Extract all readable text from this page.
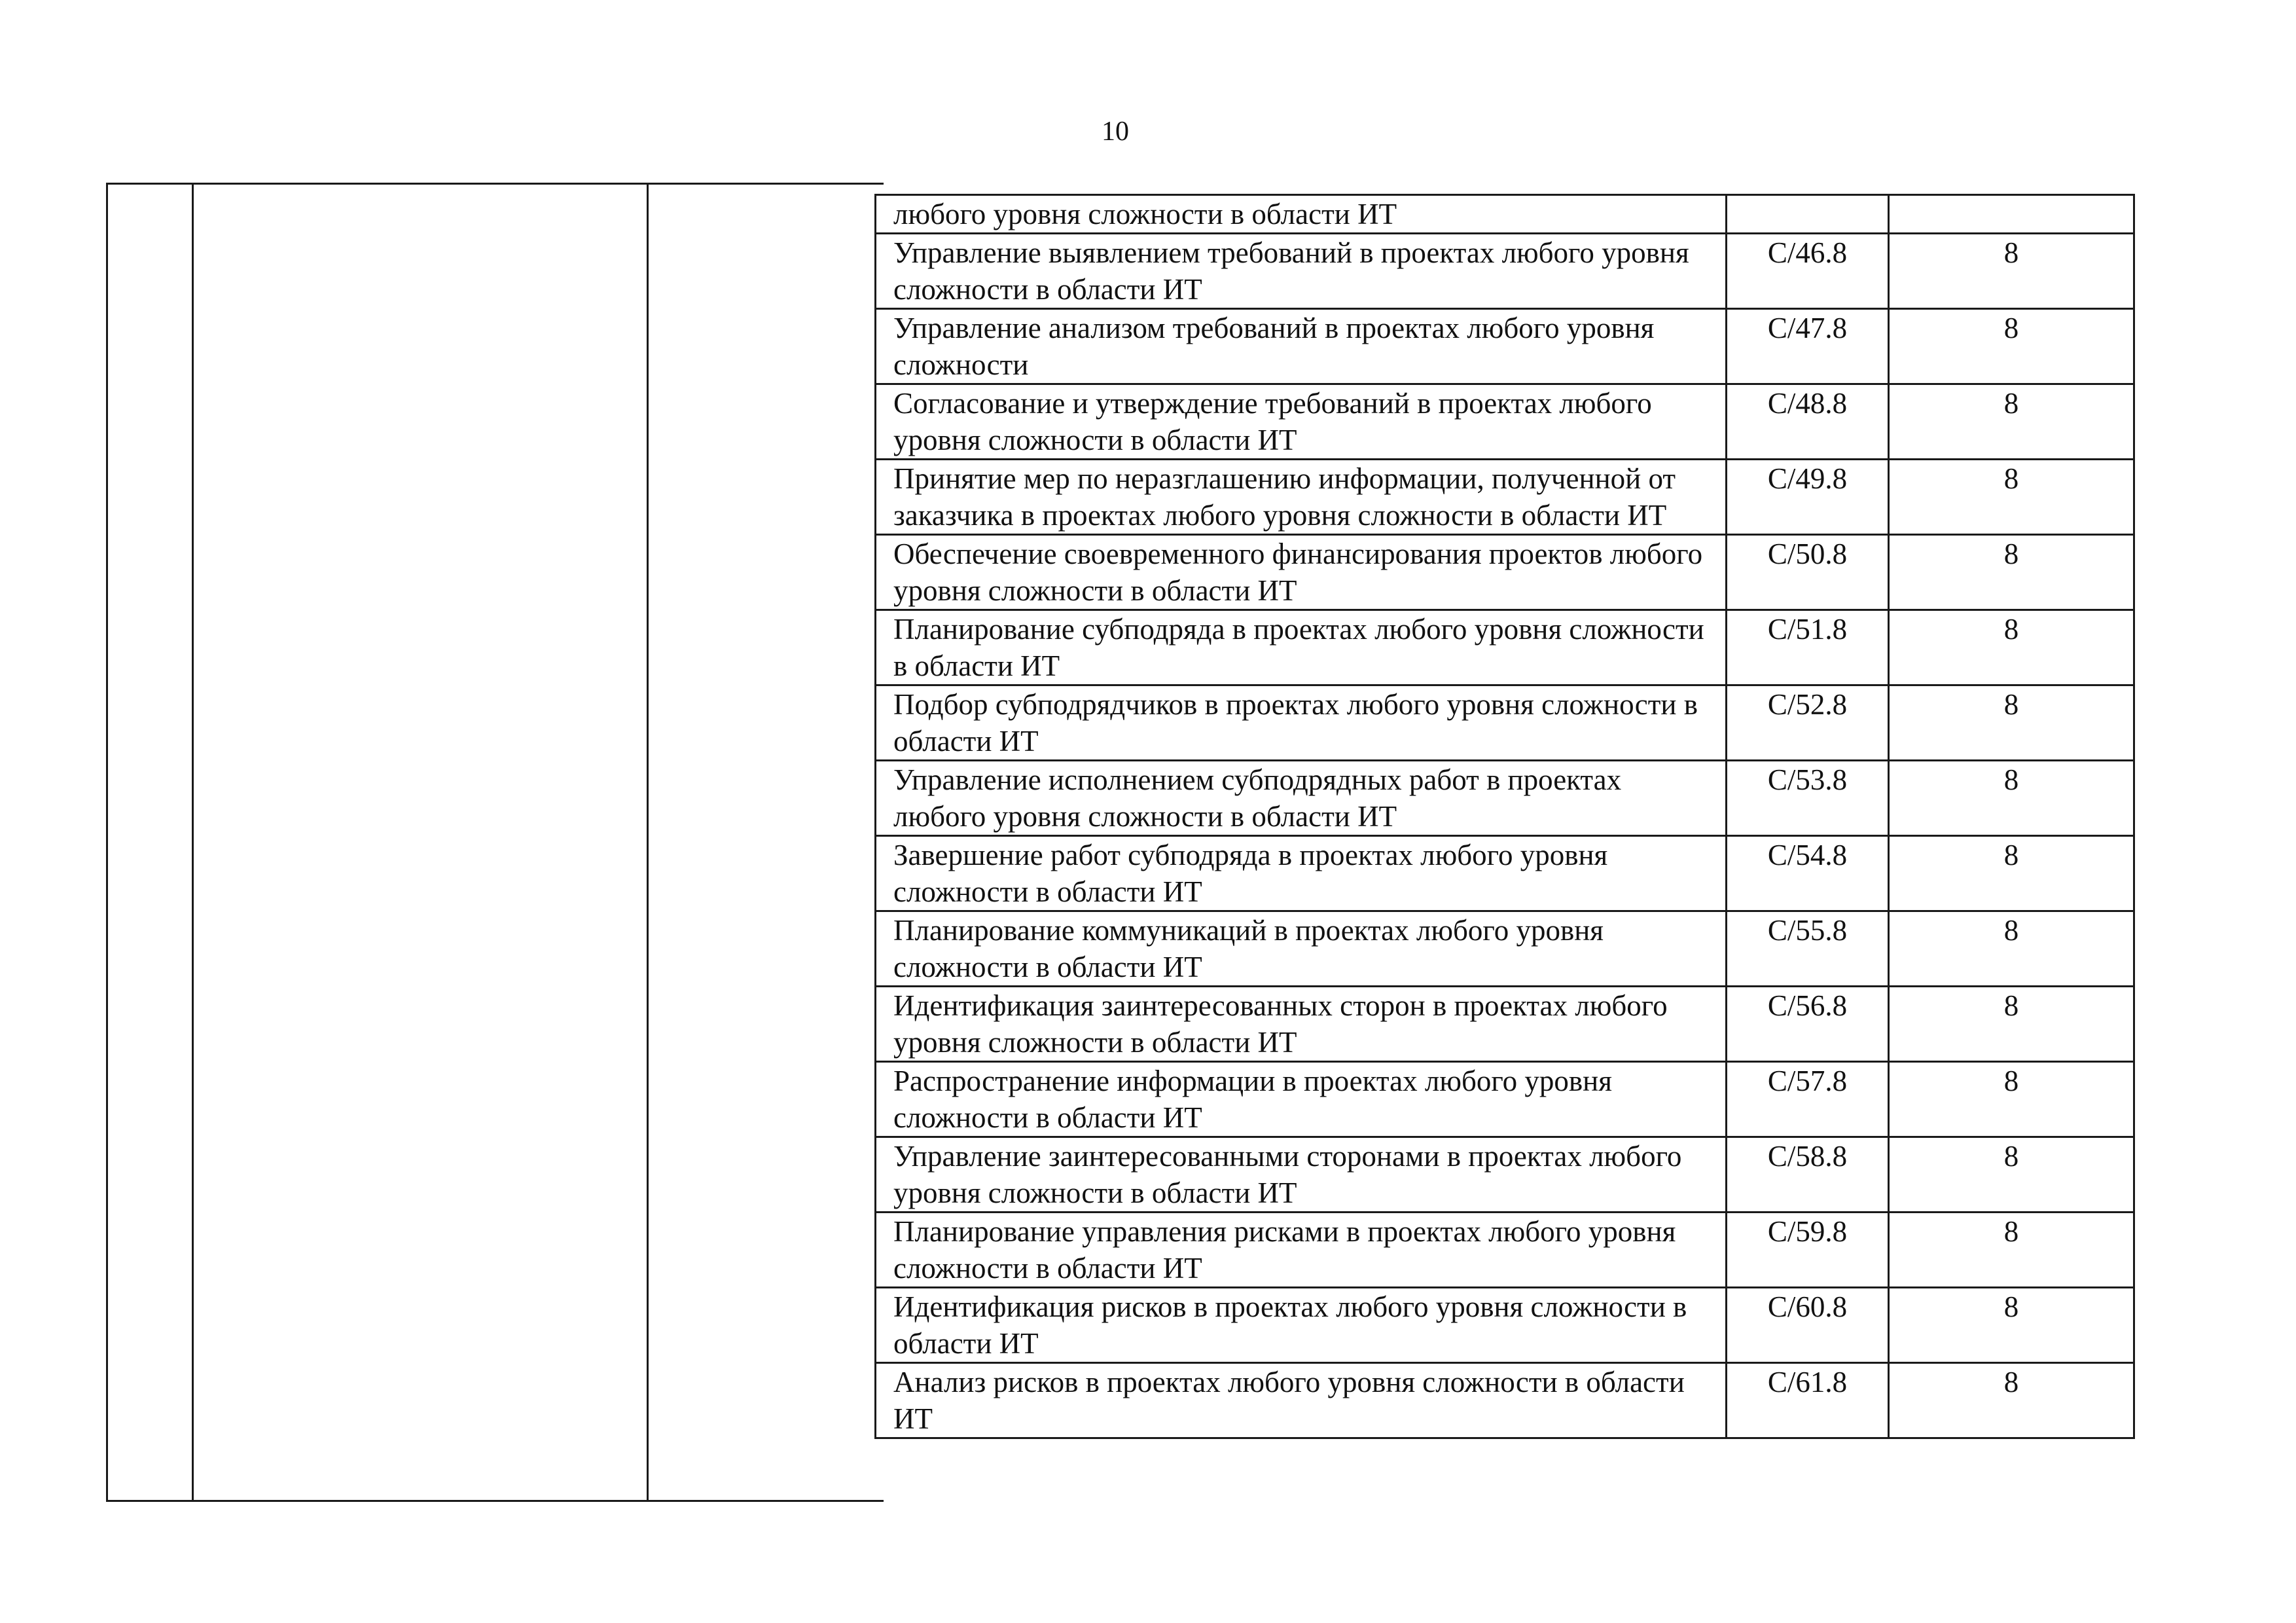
10
любого уровня сложности в области ИТ		
Управление выявлением требований в проектах любого уровня сложности в области ИТ	C/46.8	8
Управление анализом требований в проектах любого уровня сложности	C/47.8	8
Согласование и утверждение требований в проектах любого уровня сложности в области ИТ	C/48.8	8
Принятие мер по неразглашению информации, полученной от заказчика в проектах любого уровня сложности в области ИТ	C/49.8	8
Обеспечение своевременного финансирования проектов любого уровня сложности в области ИТ	C/50.8	8
Планирование субподряда в проектах любого уровня сложности в области ИТ	C/51.8	8
Подбор субподрядчиков в проектах любого уровня сложности в области ИТ	C/52.8	8
Управление исполнением субподрядных работ в проектах любого уровня сложности в области ИТ	C/53.8	8
Завершение работ субподряда в проектах любого уровня сложности в области ИТ	C/54.8	8
Планирование коммуникаций в проектах любого уровня сложности в области ИТ	C/55.8	8
Идентификация заинтересованных сторон в проектах любого уровня сложности в области ИТ	C/56.8	8
Распространение информации в проектах любого уровня сложности в области ИТ	C/57.8	8
Управление заинтересованными сторонами в проектах любого уровня сложности в области ИТ	C/58.8	8
Планирование управления рисками в проектах любого уровня сложности в области ИТ	C/59.8	8
Идентификация рисков в проектах любого уровня сложности в области ИТ	C/60.8	8
Анализ рисков в проектах любого уровня сложности в области ИТ	C/61.8	8
